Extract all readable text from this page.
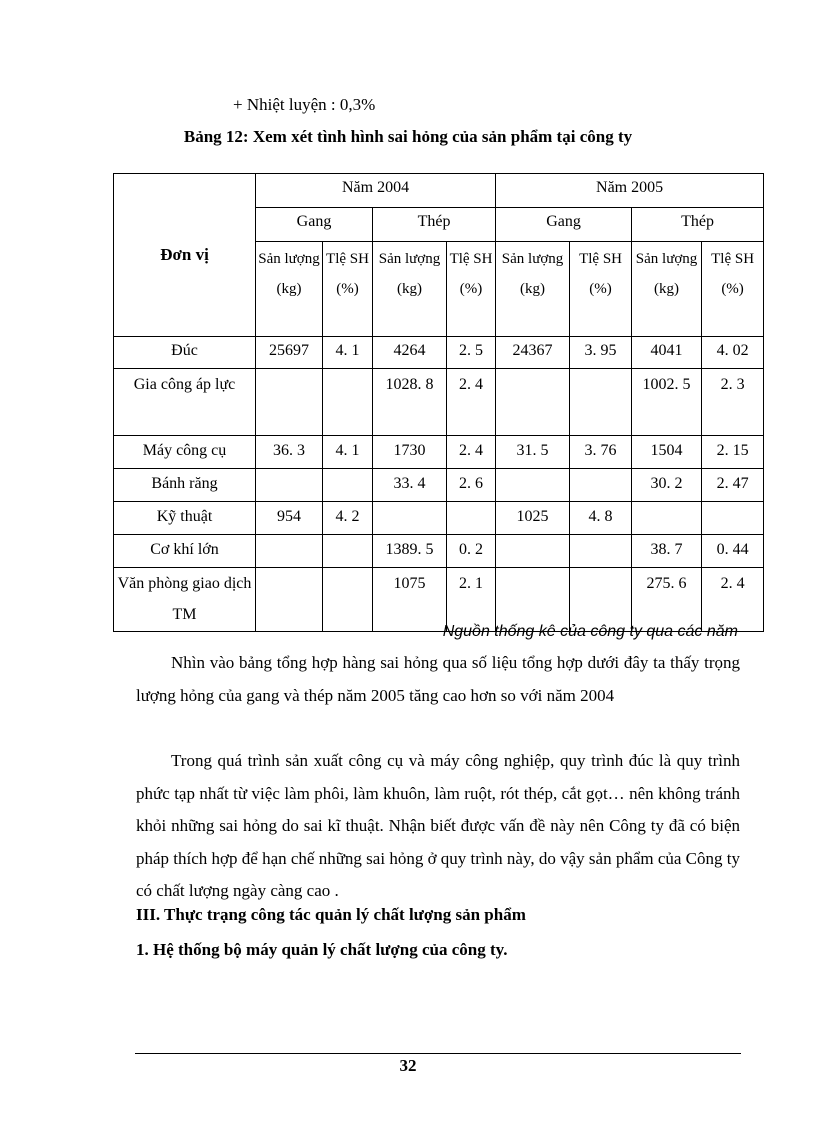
+ Nhiệt luyện : 0,3%
Bảng 12: Xem xét tình hình sai hỏng của sản phẩm tại công ty
Đơn vị	Năm 2004				Năm 2005			
	Gang		Thép		Gang		Thép	
	Sản lượng (kg)	Tlệ SH (%)	Sản lượng (kg)	Tlệ SH (%)	Sản lượng (kg)	Tlệ SH (%)	Sản lượng (kg)	Tlệ SH (%)
Đúc	25697	4. 1	4264	2. 5	24367	3. 95	4041	4. 02
Gia công áp lực			1028. 8	2. 4			1002. 5	2. 3
Máy công cụ	36. 3	4. 1	1730	2. 4	31. 5	3. 76	1504	2. 15
Bánh răng			33. 4	2. 6			30. 2	2. 47
Kỹ thuật	954	4. 2			1025	4. 8		
Cơ khí lớn			1389. 5	0. 2			38. 7	0. 44
Văn phòng giao dịch TM			1075	2. 1			275. 6	2. 4
Nguồn thống kê của công ty qua các năm
Nhìn vào bảng tổng hợp hàng sai hỏng qua số liệu tổng hợp dưới đây ta thấy trọng lượng hỏng của gang và thép năm 2005 tăng cao hơn so với năm 2004
Trong quá trình sản xuất công cụ và máy công nghiệp, quy trình đúc là quy trình phức tạp nhất từ việc làm phôi, làm khuôn, làm ruột, rót thép, cắt gọt… nên không tránh khỏi những sai hỏng do sai kĩ thuật. Nhận biết được vấn đề này nên Công ty đã có biện pháp thích hợp để hạn chế những sai hỏng ở quy trình này, do vậy sản phẩm của Công ty có chất lượng ngày càng cao .
III. Thực trạng công tác quản lý chất lượng sản phẩm
1. Hệ thống bộ máy quản lý chất lượng của công ty.
32
